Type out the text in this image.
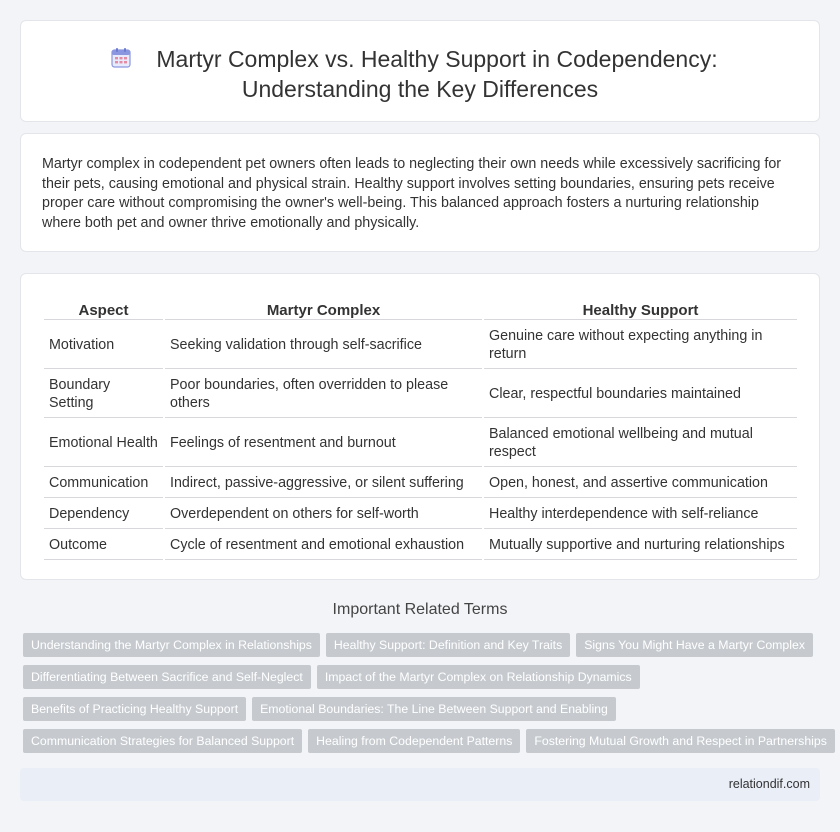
Martyr Complex vs. Healthy Support in Codependency:
Understanding the Key Differences

Martyr complex in codependent pet owners often leads to neglecting their own needs while excessively sacrificing for their pets, causing emotional and physical strain. Healthy support involves setting boundaries, ensuring pets receive proper care without compromising the owner's well-being. This balanced approach fosters a nurturing relationship where both pet and owner thrive emotionally and physically.

Aspect	Martyr Complex	Healthy Support
Motivation	Seeking validation through self-sacrifice	Genuine care without expecting anything in return
Boundary Setting	Poor boundaries, often overridden to please others	Clear, respectful boundaries maintained
Emotional Health	Feelings of resentment and burnout	Balanced emotional wellbeing and mutual respect
Communication	Indirect, passive-aggressive, or silent suffering	Open, honest, and assertive communication
Dependency	Overdependent on others for self-worth	Healthy interdependence with self-reliance
Outcome	Cycle of resentment and emotional exhaustion	Mutually supportive and nurturing relationships
Important Related Terms
Understanding the Martyr Complex in Relationships	Healthy Support: Definition and Key Traits	Signs You Might Have a Martyr Complex
Differentiating Between Sacrifice and Self-Neglect	Impact of the Martyr Complex on Relationship Dynamics
Benefits of Practicing Healthy Support	Emotional Boundaries: The Line Between Support and Enabling
Communication Strategies for Balanced Support	Healing from Codependent Patterns	Fostering Mutual Growth and Respect in Partnerships
relationdif.com
